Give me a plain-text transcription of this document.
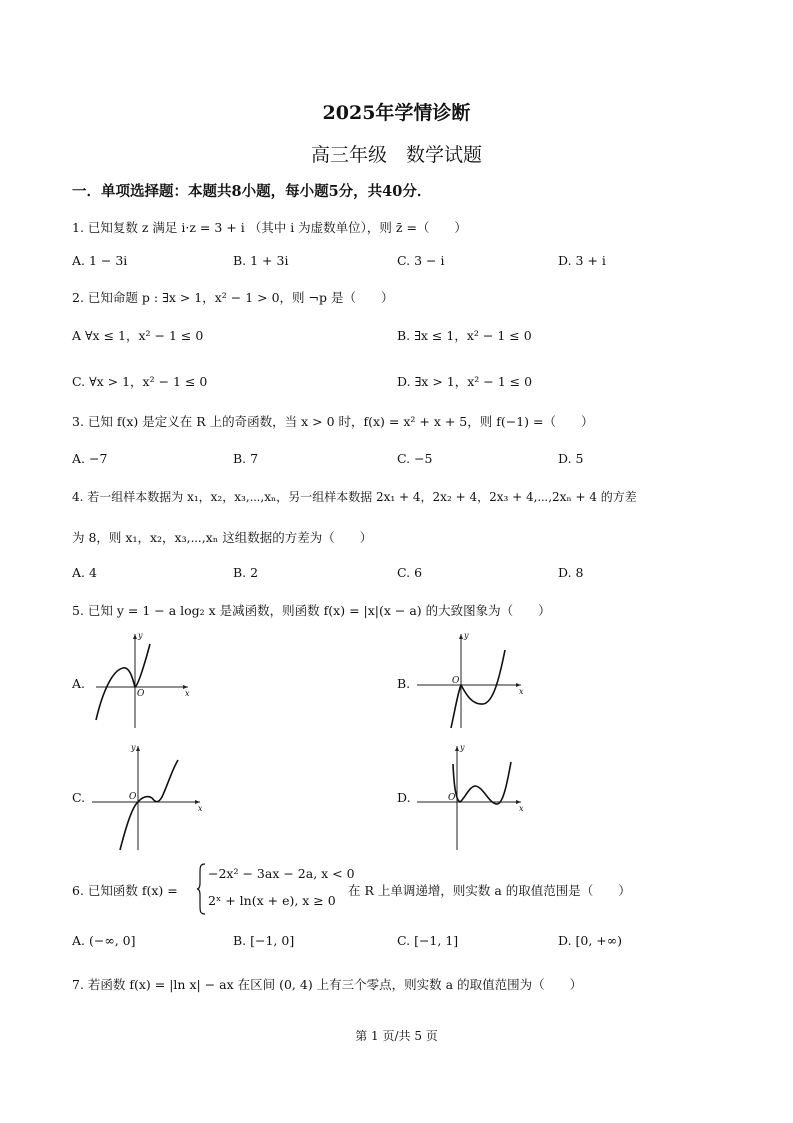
2025年学情诊断
高三年级　数学试题
一．单项选择题：本题共8小题，每小题5分，共40分．
1. 已知复数 z 满足 i·z = 3 + i （其中 i 为虚数单位），则 z̄ =（　　）
A. 1 − 3i	B. 1 + 3i	C. 3 − i	D. 3 + i
2. 已知命题 p : ∃x > 1，x² − 1 > 0，则 ¬p 是（　　）
A ∀x ≤ 1，x² − 1 ≤ 0	B. ∃x ≤ 1，x² − 1 ≤ 0
C. ∀x > 1，x² − 1 ≤ 0	D. ∃x > 1，x² − 1 ≤ 0
3. 已知 f(x) 是定义在 R 上的奇函数，当 x > 0 时，f(x) = x² + x + 5，则 f(−1) =（　　）
A. −7	B. 7	C. −5	D. 5
4. 若一组样本数据为 x₁，x₂，x₃,⋯,xₙ，另一组样本数据 2x₁ + 4，2x₂ + 4，2x₃ + 4,⋯,2xₙ + 4 的方差
为 8，则 x₁，x₂，x₃,⋯,xₙ 这组数据的方差为（　　）
A. 4	B. 2	C. 6	D. 8
5. 已知 y = 1 − a log₂ x 是减函数，则函数 f(x) = |x|(x − a) 的大致图象为（　　）
A.
y
x
O
B.
y
x
O
C.
y
x
O	D.
y
x
O
6. 已知函数 f(x) =
−2x² − 3ax − 2a, x < 0
2ˣ + ln(x + e), x ≥ 0
在 R 上单调递增，则实数 a 的取值范围是（　　）
A. (−∞, 0]	B. [−1, 0]	C. [−1, 1]	D. [0, +∞)
7. 若函数 f(x) = |ln x| − ax 在区间 (0, 4) 上有三个零点，则实数 a 的取值范围为（　　）
第 1 页/共 5 页
